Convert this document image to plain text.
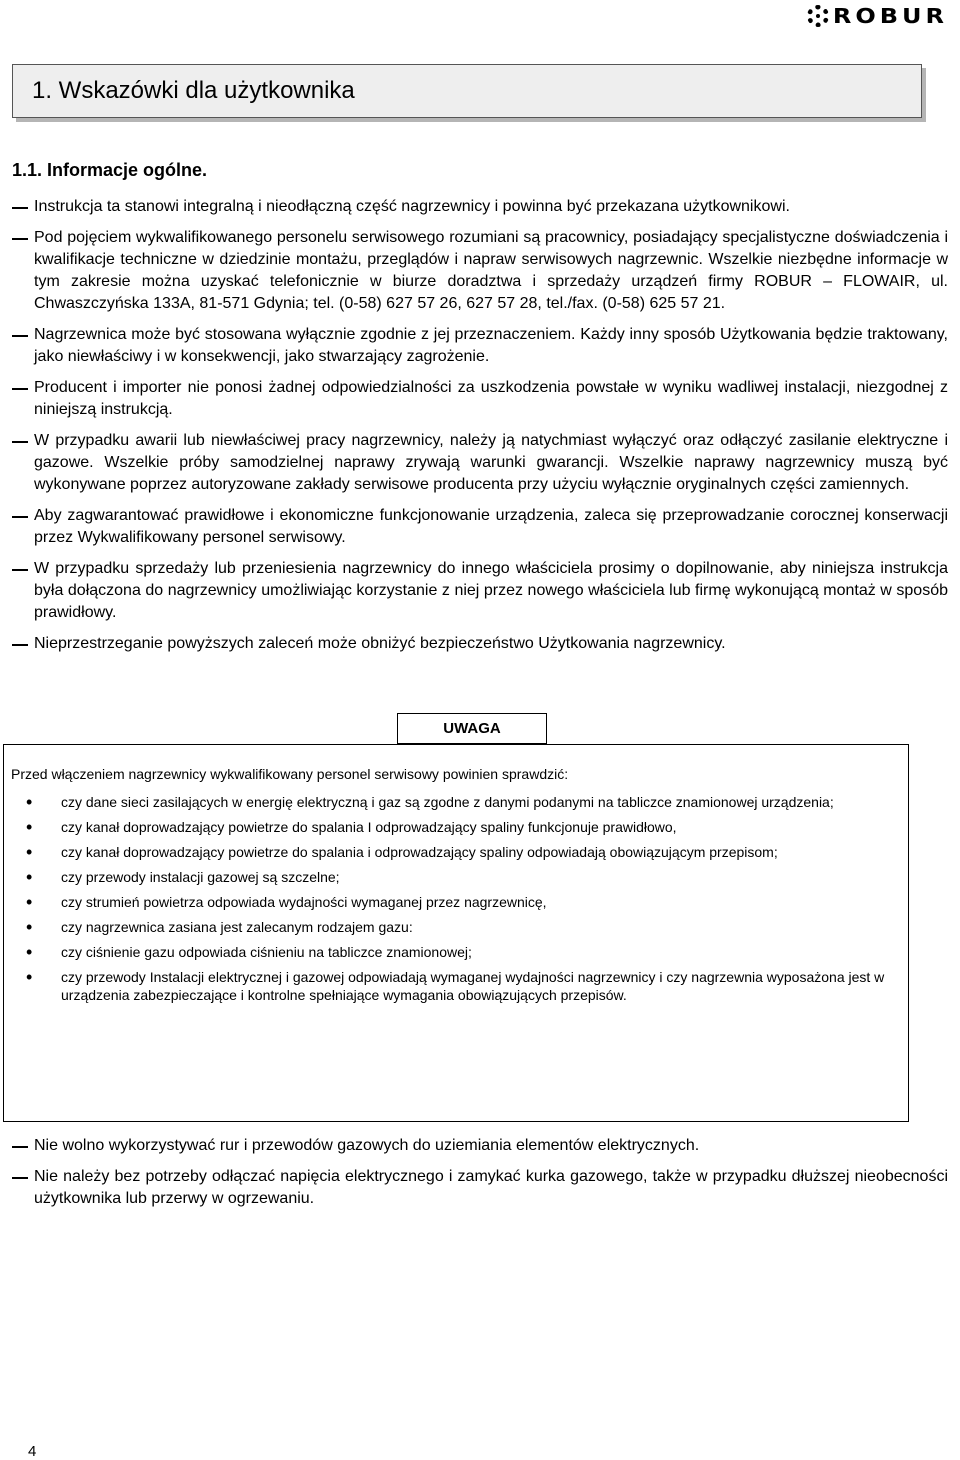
ROBUR
1. Wskazówki dla użytkownika
1.1. Informacje ogólne.
Instrukcja ta stanowi integralną i nieodłączną część nagrzewnicy i powinna być przekazana użytkownikowi.
Pod pojęciem wykwalifikowanego personelu serwisowego rozumiani są pracownicy, posiadający specjalistyczne doświadczenia i kwalifikacje techniczne w dziedzinie montażu, przeglądów i napraw serwisowych nagrzewnic. Wszelkie niezbędne informacje w tym zakresie można uzyskać telefonicznie w biurze doradztwa i sprzedaży urządzeń firmy ROBUR – FLOWAIR, ul. Chwaszczyńska 133A, 81-571 Gdynia; tel. (0-58) 627 57 26, 627 57 28, tel./fax. (0-58) 625 57 21.
Nagrzewnica może być stosowana wyłącznie zgodnie z jej przeznaczeniem. Każdy inny sposób Użytkowania będzie traktowany, jako niewłaściwy i w konsekwencji, jako stwarzający zagrożenie.
Producent i importer nie ponosi żadnej odpowiedzialności za uszkodzenia powstałe w wyniku wadliwej instalacji, niezgodnej z niniejszą instrukcją.
W przypadku awarii lub niewłaściwej pracy nagrzewnicy, należy ją natychmiast wyłączyć oraz odłączyć zasilanie elektryczne i gazowe. Wszelkie próby samodzielnej naprawy zrywają warunki gwarancji. Wszelkie naprawy nagrzewnicy muszą być wykonywane poprzez autoryzowane zakłady serwisowe producenta przy użyciu wyłącznie oryginalnych części zamiennych.
Aby zagwarantować prawidłowe i ekonomiczne funkcjonowanie urządzenia, zaleca się przeprowadzanie corocznej konserwacji przez Wykwalifikowany personel serwisowy.
W przypadku sprzedaży lub przeniesienia nagrzewnicy do innego właściciela prosimy o dopilnowanie, aby niniejsza instrukcja była dołączona do nagrzewnicy umożliwiając korzystanie z niej przez nowego właściciela lub firmę wykonującą montaż w sposób prawidłowy.
Nieprzestrzeganie powyższych zaleceń może obniżyć bezpieczeństwo Użytkowania nagrzewnicy.
UWAGA

Przed włączeniem nagrzewnicy wykwalifikowany personel serwisowy powinien sprawdzić:

• czy dane sieci zasilających w energię elektryczną i gaz są zgodne z danymi podanymi na tabliczce znamionowej urządzenia;
• czy kanał doprowadzający powietrze do spalania I odprowadzający spaliny funkcjonuje prawidłowo,
• czy kanał doprowadzający powietrze do spalania i odprowadzający spaliny odpowiadają obowiązującym przepisom;
• czy przewody instalacji gazowej są szczelne;
• czy strumień powietrza odpowiada wydajności wymaganej przez nagrzewnicę,
• czy nagrzewnica zasiana jest zalecanym rodzajem gazu:
• czy ciśnienie gazu odpowiada ciśnieniu na tabliczce znamionowej;
• czy przewody Instalacji elektrycznej i gazowej odpowiadają wymaganej wydajności nagrzewnicy i czy nagrzewnia wyposażona jest w urządzenia zabezpieczające i kontrolne spełniające wymagania obowiązujących przepisów.
Nie wolno wykorzystywać rur i przewodów gazowych do uziemiania elementów elektrycznych.
Nie należy bez potrzeby odłączać napięcia elektrycznego i zamykać kurka gazowego, także w przypadku dłuższej nieobecności użytkownika lub przerwy w ogrzewaniu.
4
